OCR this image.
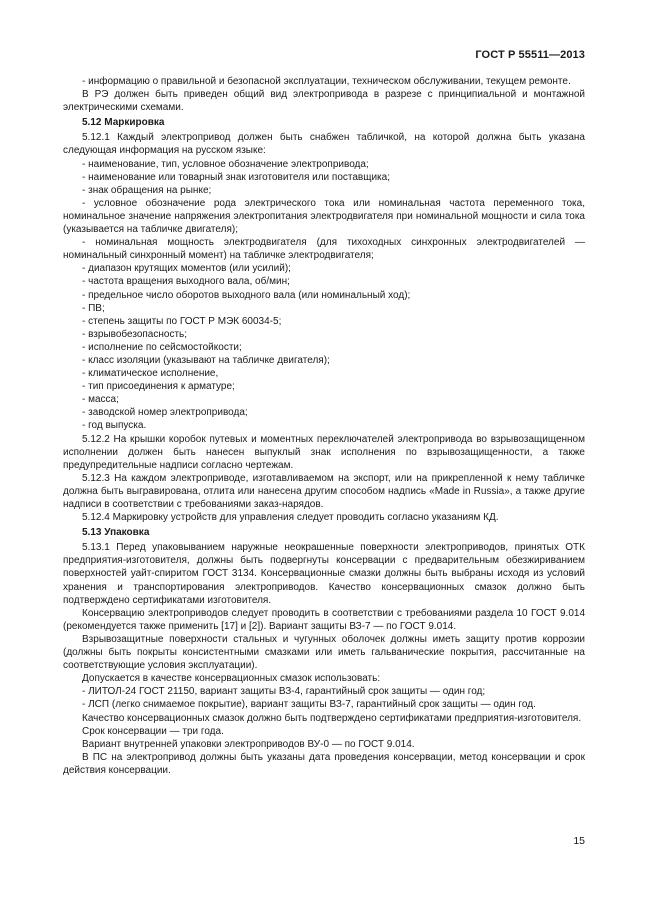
ГОСТ Р 55511—2013

- информацию о правильной и безопасной эксплуатации, техническом обслуживании, текущем ремонте.

В РЭ должен быть приведен общий вид электропривода в разрезе с принципиальной и монтажной электрическими схемами.

5.12 Маркировка

5.12.1 Каждый электропривод должен быть снабжен табличкой, на которой должна быть указана следующая информация на русском языке:

- наименование, тип, условное обозначение электропривода;

- наименование или товарный знак изготовителя или поставщика;

- знак обращения на рынке;

- условное обозначение рода электрического тока или номинальная частота переменного тока, номинальное значение напряжения электропитания электродвигателя при номинальной мощности и сила тока (указывается на табличке двигателя);

- номинальная мощность электродвигателя (для тихоходных синхронных электродвигателей — номинальный синхронный момент) на табличке электродвигателя;

- диапазон крутящих моментов (или усилий);

- частота вращения выходного вала, об/мин;

- предельное число оборотов выходного вала (или номинальный ход);

- ПВ;

- степень защиты по ГОСТ Р МЭК 60034-5;

- взрывобезопасность;

- исполнение по сейсмостойкости;

- класс изоляции (указывают на табличке двигателя);

- климатическое исполнение,

- тип присоединения к арматуре;

- масса;

- заводской номер электропривода;

- год выпуска.

5.12.2 На крышки коробок путевых и моментных переключателей электропривода во взрывозащищенном исполнении должен быть нанесен выпуклый знак исполнения по взрывозащищенности, а также предупредительные надписи согласно чертежам.

5.12.3 На каждом электроприводе, изготавливаемом на экспорт, или на прикрепленной к нему табличке должна быть выгравирована, отлита или нанесена другим способом надпись «Made in Russia», а также другие надписи в соответствии с требованиями заказ-нарядов.

5.12.4 Маркировку устройств для управления следует проводить согласно указаниям КД.

5.13 Упаковка

5.13.1 Перед упаковыванием наружные неокрашенные поверхности электроприводов, принятых ОТК предприятия-изготовителя, должны быть подвергнуты консервации с предварительным обезжириванием поверхностей уайт-спиритом ГОСТ 3134. Консервационные смазки должны быть выбраны исходя из условий хранения и транспортирования электроприводов. Качество консервационных смазок должно быть подтверждено сертификатами изготовителя.

Консервацию электроприводов следует проводить в соответствии с требованиями раздела 10 ГОСТ 9.014 (рекомендуется также применить [17] и [2]). Вариант защиты ВЗ-7 — по ГОСТ 9.014.

Взрывозащитные поверхности стальных и чугунных оболочек должны иметь защиту против коррозии (должны быть покрыты консистентными смазками или иметь гальванические покрытия, рассчитанные на соответствующие условия эксплуатации).

Допускается в качестве консервационных смазок использовать:

- ЛИТОЛ-24 ГОСТ 21150, вариант защиты ВЗ-4, гарантийный срок защиты — один год;

- ЛСП (легко снимаемое покрытие), вариант защиты ВЗ-7, гарантийный срок защиты — один год.

Качество консервационных смазок должно быть подтверждено сертификатами предприятия-изготовителя.

Срок консервации — три года.

Вариант внутренней упаковки электроприводов ВУ-0 — по ГОСТ 9.014.

В ПС на электропривод должны быть указаны дата проведения консервации, метод консервации и срок действия консервации.

15
